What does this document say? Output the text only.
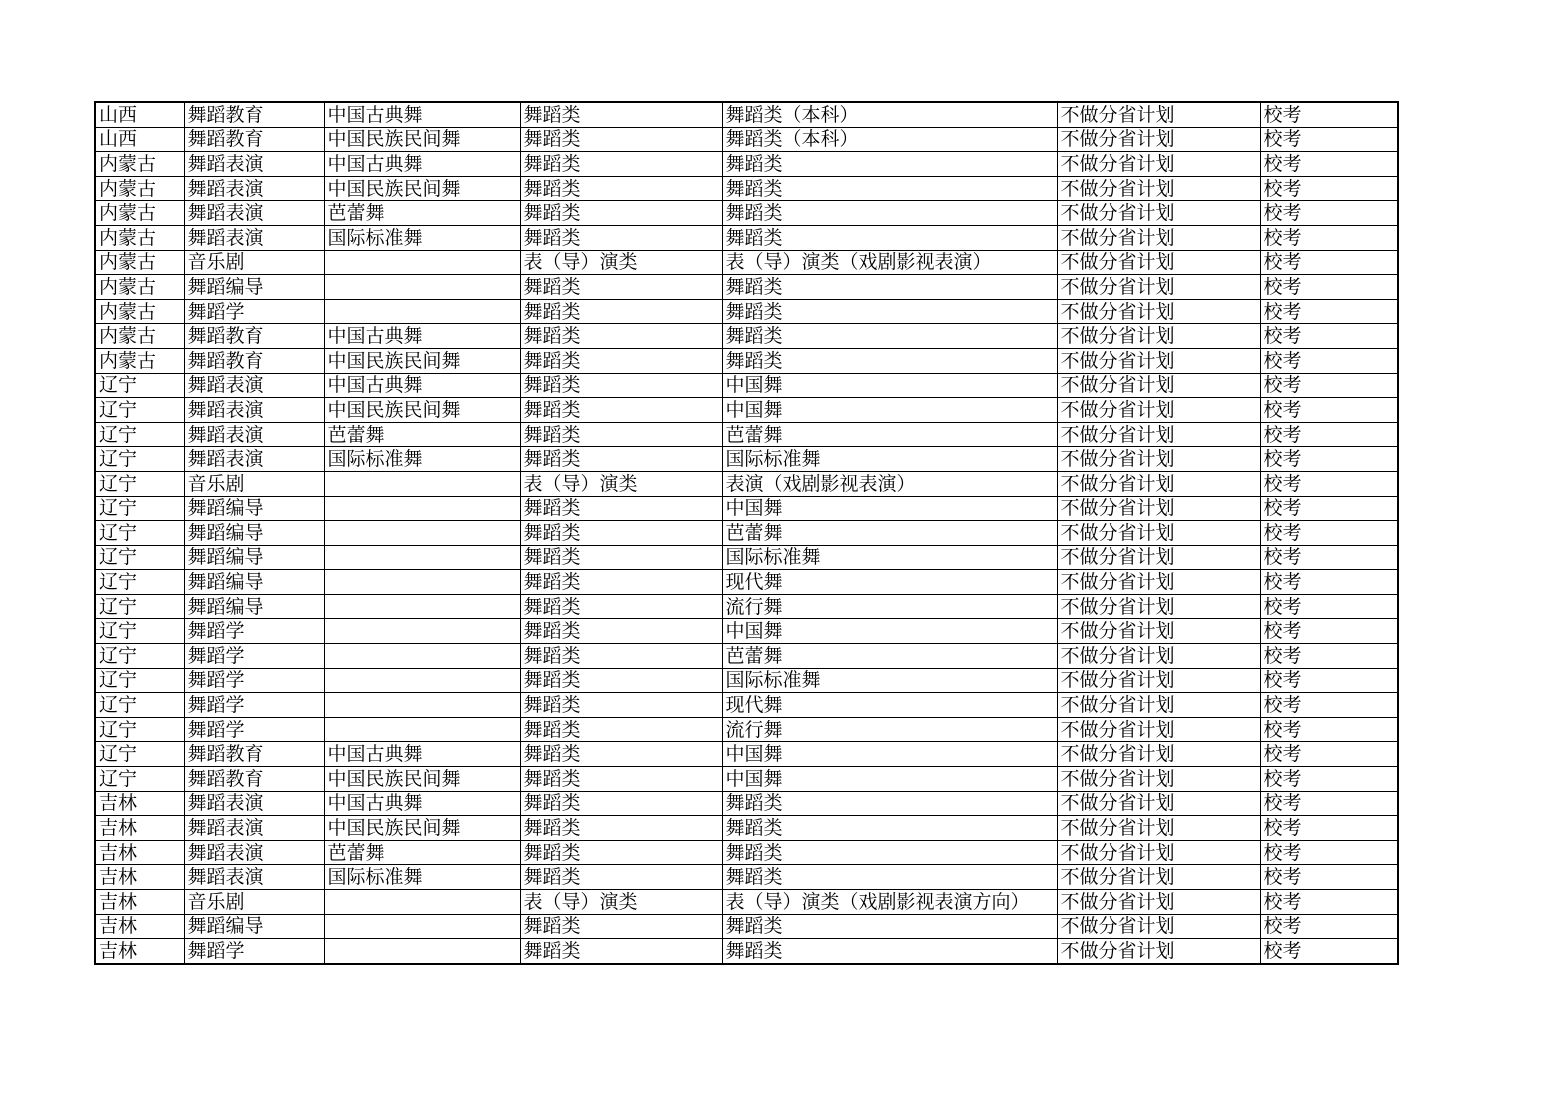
山西	舞蹈教育	中国古典舞	舞蹈类	舞蹈类（本科）	不做分省计划	校考
山西	舞蹈教育	中国民族民间舞	舞蹈类	舞蹈类（本科）	不做分省计划	校考
内蒙古	舞蹈表演	中国古典舞	舞蹈类	舞蹈类	不做分省计划	校考
内蒙古	舞蹈表演	中国民族民间舞	舞蹈类	舞蹈类	不做分省计划	校考
内蒙古	舞蹈表演	芭蕾舞	舞蹈类	舞蹈类	不做分省计划	校考
内蒙古	舞蹈表演	国际标准舞	舞蹈类	舞蹈类	不做分省计划	校考
内蒙古	音乐剧		表（导）演类	表（导）演类（戏剧影视表演）	不做分省计划	校考
内蒙古	舞蹈编导		舞蹈类	舞蹈类	不做分省计划	校考
内蒙古	舞蹈学		舞蹈类	舞蹈类	不做分省计划	校考
内蒙古	舞蹈教育	中国古典舞	舞蹈类	舞蹈类	不做分省计划	校考
内蒙古	舞蹈教育	中国民族民间舞	舞蹈类	舞蹈类	不做分省计划	校考
辽宁	舞蹈表演	中国古典舞	舞蹈类	中国舞	不做分省计划	校考
辽宁	舞蹈表演	中国民族民间舞	舞蹈类	中国舞	不做分省计划	校考
辽宁	舞蹈表演	芭蕾舞	舞蹈类	芭蕾舞	不做分省计划	校考
辽宁	舞蹈表演	国际标准舞	舞蹈类	国际标准舞	不做分省计划	校考
辽宁	音乐剧		表（导）演类	表演（戏剧影视表演）	不做分省计划	校考
辽宁	舞蹈编导		舞蹈类	中国舞	不做分省计划	校考
辽宁	舞蹈编导		舞蹈类	芭蕾舞	不做分省计划	校考
辽宁	舞蹈编导		舞蹈类	国际标准舞	不做分省计划	校考
辽宁	舞蹈编导		舞蹈类	现代舞	不做分省计划	校考
辽宁	舞蹈编导		舞蹈类	流行舞	不做分省计划	校考
辽宁	舞蹈学		舞蹈类	中国舞	不做分省计划	校考
辽宁	舞蹈学		舞蹈类	芭蕾舞	不做分省计划	校考
辽宁	舞蹈学		舞蹈类	国际标准舞	不做分省计划	校考
辽宁	舞蹈学		舞蹈类	现代舞	不做分省计划	校考
辽宁	舞蹈学		舞蹈类	流行舞	不做分省计划	校考
辽宁	舞蹈教育	中国古典舞	舞蹈类	中国舞	不做分省计划	校考
辽宁	舞蹈教育	中国民族民间舞	舞蹈类	中国舞	不做分省计划	校考
吉林	舞蹈表演	中国古典舞	舞蹈类	舞蹈类	不做分省计划	校考
吉林	舞蹈表演	中国民族民间舞	舞蹈类	舞蹈类	不做分省计划	校考
吉林	舞蹈表演	芭蕾舞	舞蹈类	舞蹈类	不做分省计划	校考
吉林	舞蹈表演	国际标准舞	舞蹈类	舞蹈类	不做分省计划	校考
吉林	音乐剧		表（导）演类	表（导）演类（戏剧影视表演方向）	不做分省计划	校考
吉林	舞蹈编导		舞蹈类	舞蹈类	不做分省计划	校考
吉林	舞蹈学		舞蹈类	舞蹈类	不做分省计划	校考
